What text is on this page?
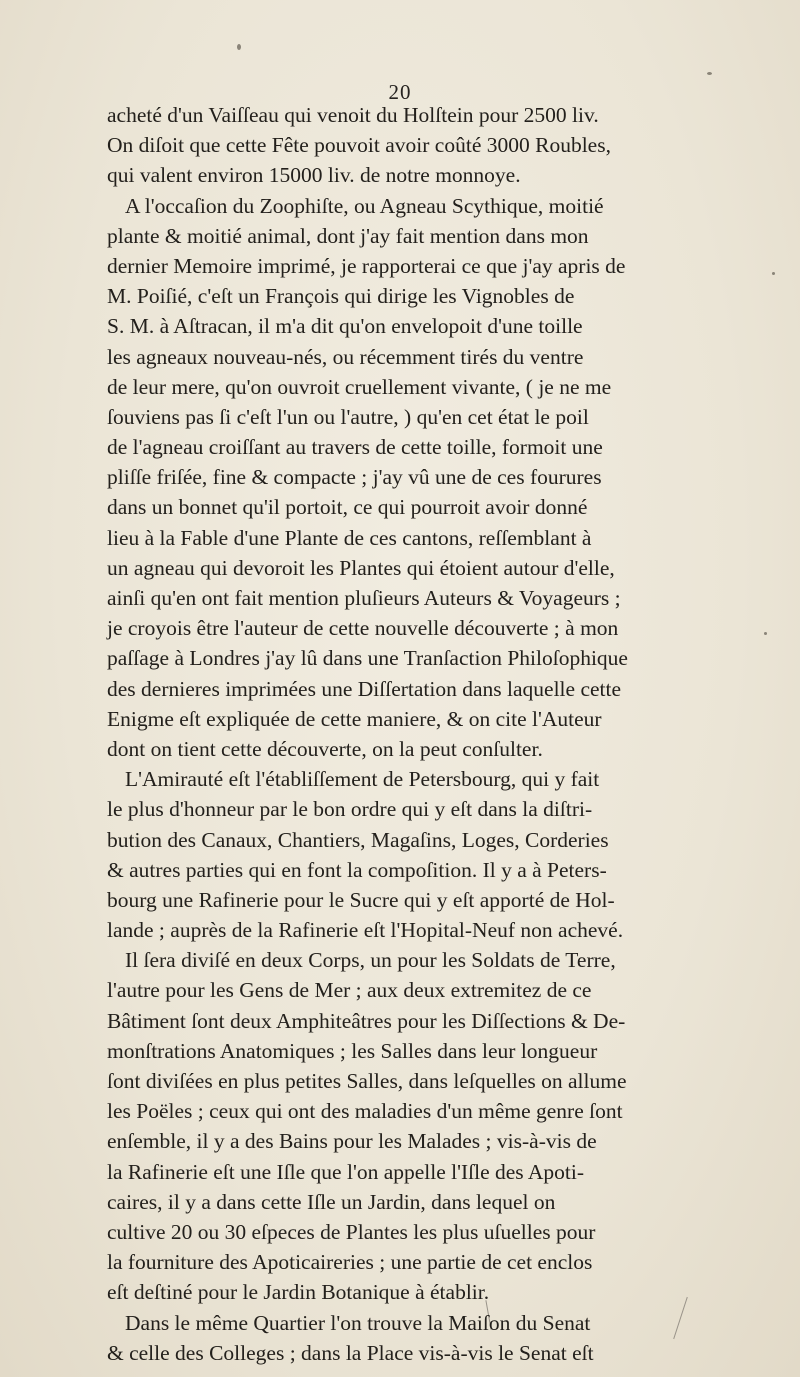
20
acheté d'un Vaiſſeau qui venoit du Holſtein pour 2500 liv.
On diſoit que cette Fête pouvoit avoir coûté 3000 Roubles,
qui valent environ 15000 liv. de notre monnoye.
A l'occaſion du Zoophiſte, ou Agneau Scythique, moitié
plante & moitié animal, dont j'ay fait mention dans mon
dernier Memoire imprimé, je rapporterai ce que j'ay apris de
M. Poiſié, c'eſt un François qui dirige les Vignobles de
S. M. à Aſtracan, il m'a dit qu'on envelopoit d'une toille
les agneaux nouveau-nés, ou récemment tirés du ventre
de leur mere, qu'on ouvroit cruellement vivante, ( je ne me
ſouviens pas ſi c'eſt l'un ou l'autre, ) qu'en cet état le poil
de l'agneau croiſſant au travers de cette toille, formoit une
pliſſe friſée, fine & compacte ; j'ay vû une de ces fourures
dans un bonnet qu'il portoit, ce qui pourroit avoir donné
lieu à la Fable d'une Plante de ces cantons, reſſemblant à
un agneau qui devoroit les Plantes qui étoient autour d'elle,
ainſi qu'en ont fait mention pluſieurs Auteurs & Voyageurs ;
je croyois être l'auteur de cette nouvelle découverte ; à mon
paſſage à Londres j'ay lû dans une Tranſaction Philoſophique
des dernieres imprimées une Diſſertation dans laquelle cette
Enigme eſt expliquée de cette maniere, & on cite l'Auteur
dont on tient cette découverte, on la peut conſulter.
L'Amirauté eſt l'établiſſement de Petersbourg, qui y fait
le plus d'honneur par le bon ordre qui y eſt dans la diſtri-
bution des Canaux, Chantiers, Magaſins, Loges, Corderies
& autres parties qui en font la compoſition. Il y a à Peters-
bourg une Rafinerie pour le Sucre qui y eſt apporté de Hol-
lande ; auprès de la Rafinerie eſt l'Hopital-Neuf non achevé.
Il ſera diviſé en deux Corps, un pour les Soldats de Terre,
l'autre pour les Gens de Mer ; aux deux extremitez de ce
Bâtiment ſont deux Amphiteâtres pour les Diſſections & De-
monſtrations Anatomiques ; les Salles dans leur longueur
ſont diviſées en plus petites Salles, dans leſquelles on allume
les Poëles ; ceux qui ont des maladies d'un même genre ſont
enſemble, il y a des Bains pour les Malades ; vis-à-vis de
la Rafinerie eſt une Iſle que l'on appelle l'Iſle des Apoti-
caires, il y a dans cette Iſle un Jardin, dans lequel on
cultive 20 ou 30 eſpeces de Plantes les plus uſuelles pour
la fourniture des Apoticaireries ; une partie de cet enclos
eſt deſtiné pour le Jardin Botanique à établir.
Dans le même Quartier l'on trouve la Maiſon du Senat
& celle des Colleges ; dans la Place vis-à-vis le Senat eſt
